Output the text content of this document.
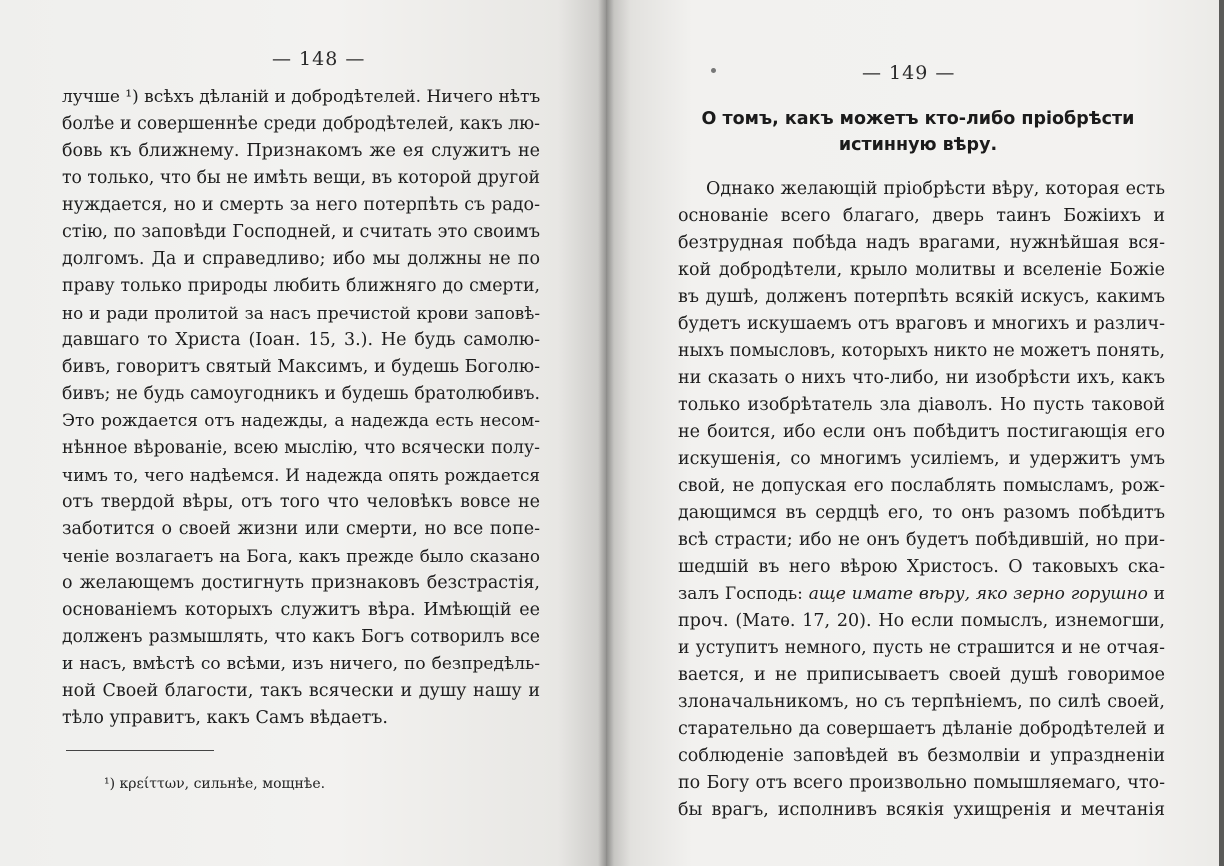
— 148 —
лучше ¹) всѣхъ дѣланій и добродѣтелей. Ничего нѣтъ
болѣе и совершеннѣе среди добродѣтелей, какъ лю-
бовь къ ближнему. Признакомъ же ея служитъ не
то только, что бы не имѣть вещи, въ которой другой
нуждается, но и смерть за него потерпѣть съ радо-
стію, по заповѣди Господней, и считать это своимъ
долгомъ. Да и справедливо; ибо мы должны не по
праву только природы любить ближняго до смерти,
но и ради пролитой за насъ пречистой крови заповѣ-
давшаго то Христа (Іоан. 15, 3.). Не будь самолю-
бивъ, говоритъ святый Максимъ, и будешь Боголю-
бивъ; не будь самоугодникъ и будешь братолюбивъ.
Это рождается отъ надежды, а надежда есть несом-
нѣнное вѣрованіе, всею мыслію, что всячески полу-
чимъ то, чего надѣемся. И надежда опять рождается
отъ твердой вѣры, отъ того что человѣкъ вовсе не
заботится о своей жизни или смерти, но все попе-
ченіе возлагаетъ на Бога, какъ прежде было сказано
о желающемъ достигнуть признаковъ безстрастія,
основаніемъ которыхъ служитъ вѣра. Имѣющій ее
долженъ размышлять, что какъ Богъ сотворилъ все
и насъ, вмѣстѣ со всѣми, изъ ничего, по безпредѣль-
ной Своей благости, такъ всячески и душу нашу и
тѣло управитъ, какъ Самъ вѣдаетъ.
¹) κρείττων, сильнѣе, мощнѣе.
— 149 —
О томъ, какъ можетъ кто-либо пріобрѣсти
истинную вѣру.
Однако желающій пріобрѣсти вѣру, которая есть
основаніе всего благаго, дверь таинъ Божіихъ и
безтрудная побѣда надъ врагами, нужнѣйшая вся-
кой добродѣтели, крыло молитвы и вселеніе Божіе
въ душѣ, долженъ потерпѣть всякій искусъ, какимъ
будетъ искушаемъ отъ враговъ и многихъ и различ-
ныхъ помысловъ, которыхъ никто не можетъ понять,
ни сказать о нихъ что-либо, ни изобрѣсти ихъ, какъ
только изобрѣтатель зла діаволъ. Но пусть таковой
не боится, ибо если онъ побѣдитъ постигающія его
искушенія, со многимъ усиліемъ, и удержитъ умъ
свой, не допуская его послаблять помысламъ, рож-
дающимся въ сердцѣ его, то онъ разомъ побѣдитъ
всѣ страсти; ибо не онъ будетъ побѣдившій, но при-
шедшій въ него вѣрою Христосъ. О таковыхъ ска-
залъ Господь: аще имате вѣру, яко зерно горушно и
проч. (Матѳ. 17, 20). Но если помыслъ, изнемогши,
и уступитъ немного, пусть не страшится и не отчая-
вается, и не приписываетъ своей душѣ говоримое
злоначальникомъ, но съ терпѣніемъ, по силѣ своей,
старательно да совершаетъ дѣланіе добродѣтелей и
соблюденіе заповѣдей въ безмолвіи и упраздненіи
по Богу отъ всего произвольно помышляемаго, что-
бы врагъ, исполнивъ всякія ухищренія и мечтанія
